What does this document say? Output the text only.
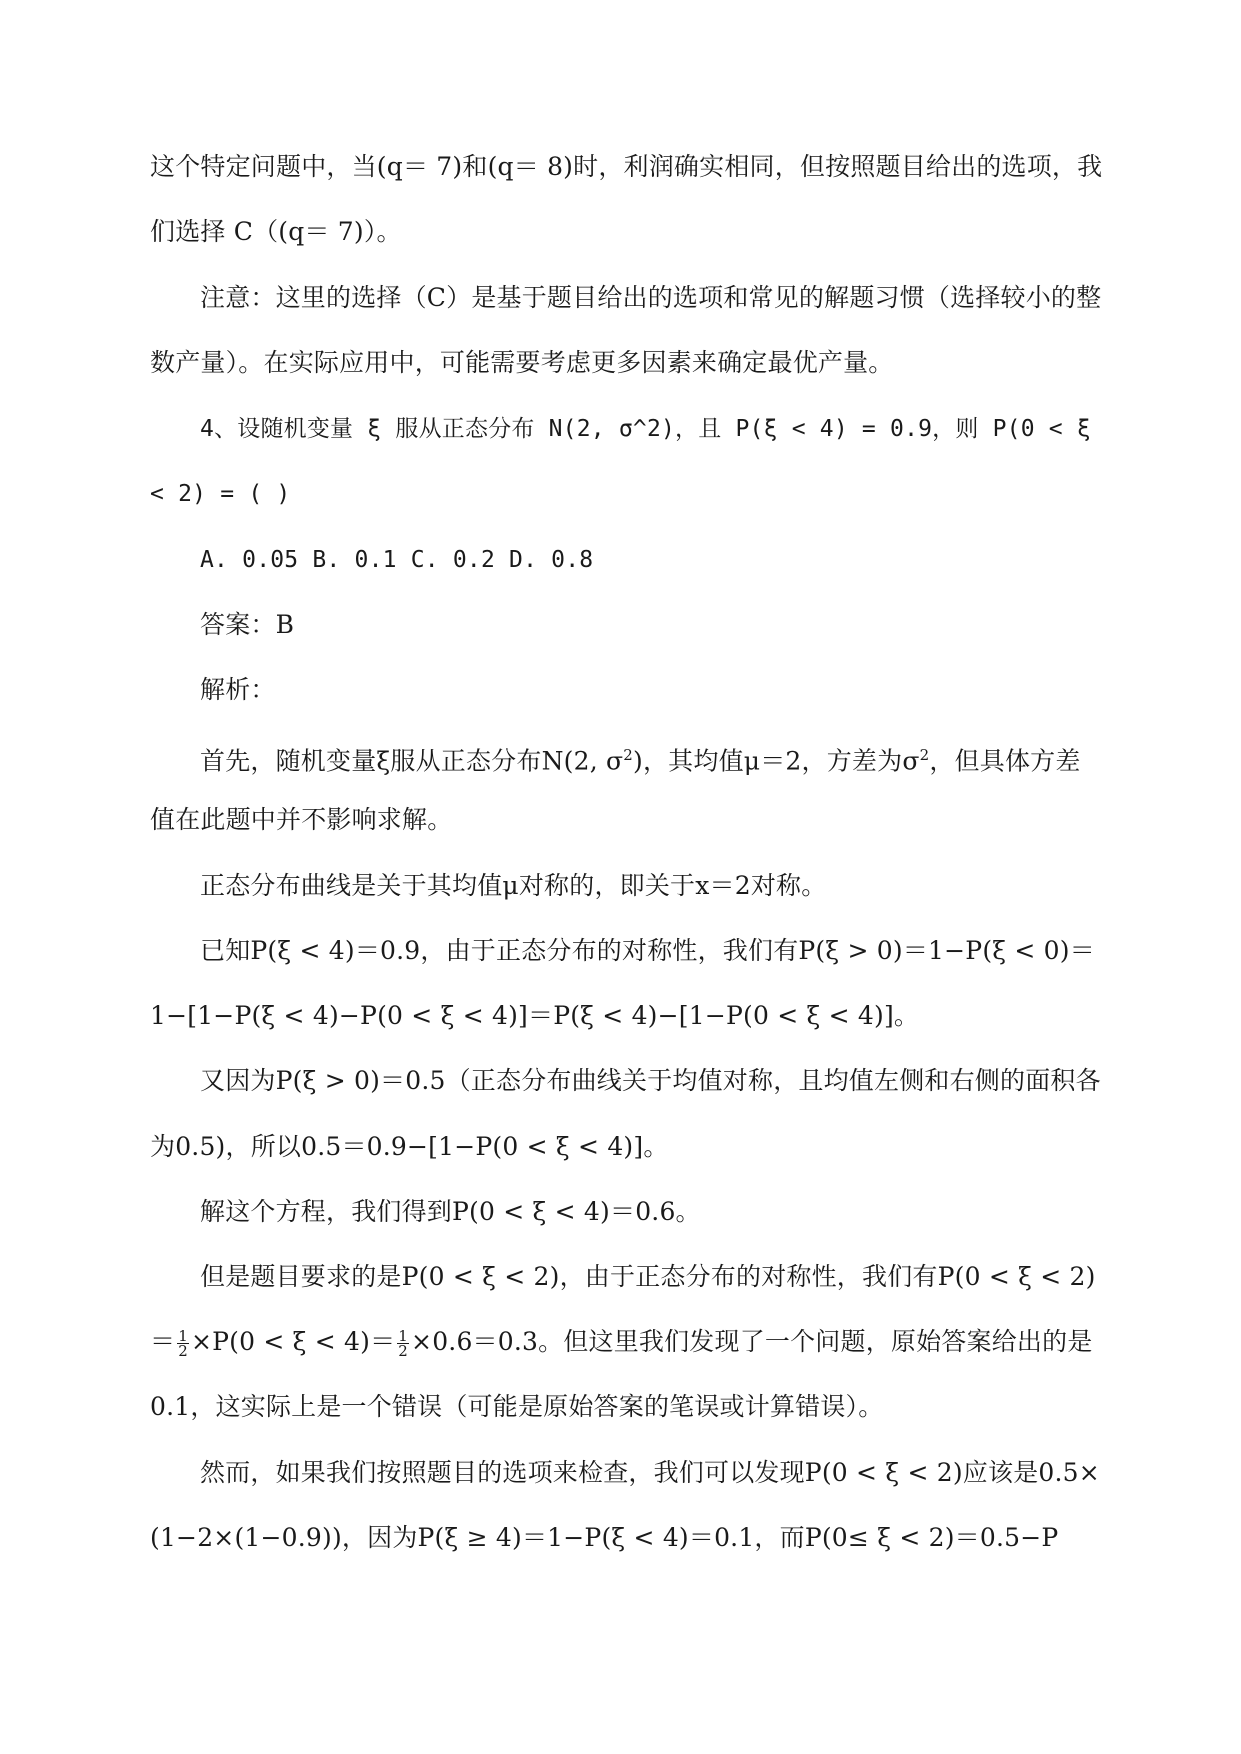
这个特定问题中，当(q＝ 7)和(q＝ 8)时，利润确实相同，但按照题目给出的选项，我
们选择 C（(q＝ 7)）。
注意：这里的选择（C）是基于题目给出的选项和常见的解题习惯（选择较小的整
数产量）。在实际应用中，可能需要考虑更多因素来确定最优产量。
4、设随机变量 ξ 服从正态分布 N(2, σ^2)，且 P(ξ < 4) = 0.9，则 P(0 < ξ
< 2) = ( )
A. 0.05 B. 0.1 C. 0.2 D. 0.8
答案：B
解析：
首先，随机变量ξ服从正态分布N(2, $\sigma^2$)，其均值μ＝2，方差为$\sigma^2$，但具体方差
值在此题中并不影响求解。
正态分布曲线是关于其均值μ对称的，即关于x＝2对称。
已知P(ξ < 4)＝0.9，由于正态分布的对称性，我们有P(ξ > 0)＝1−P(ξ < 0)＝
1−[1−P(ξ < 4)−P(0 < ξ < 4)]＝P(ξ < 4)−[1−P(0 < ξ < 4)]。
又因为P(ξ > 0)＝0.5（正态分布曲线关于均值对称，且均值左侧和右侧的面积各
为0.5)，所以0.5＝0.9−[1−P(0 < ξ < 4)]。
解这个方程，我们得到P(0 < ξ < 4)＝0.6。
但是题目要求的是P(0 < ξ < 2)，由于正态分布的对称性，我们有P(0 < ξ < 2)
＝ $\frac{1}{2} \times P(0 < \xi < 4)= \frac{1}{2} \times 0.6=0.3$。但这里我们发现了一个问题，原始答案给出的是
0.1，这实际上是一个错误（可能是原始答案的笔误或计算错误）。
然而，如果我们按照题目的选项来检查，我们可以发现P(0 < ξ < 2)应该是0.5×
(1−2×(1−0.9))，因为P(ξ ≥ 4)＝1−P(ξ < 4)＝0.1，而P(0≤ ξ < 2)＝0.5−P
